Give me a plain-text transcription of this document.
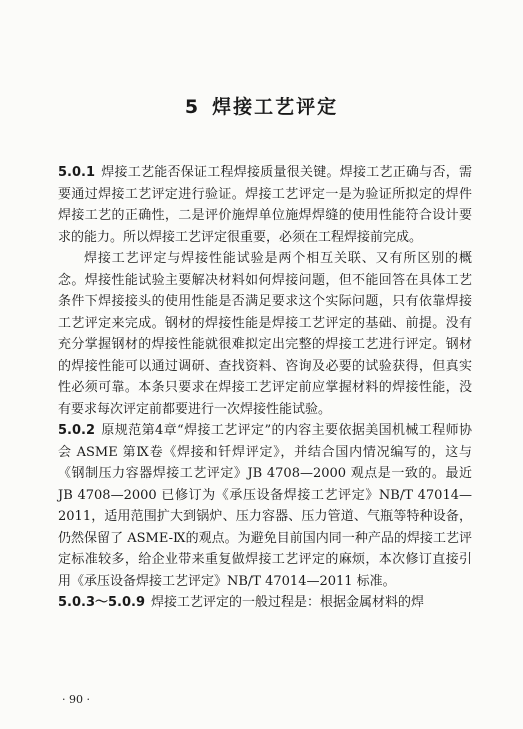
5 焊接工艺评定

5.0.1 焊接工艺能否保证工程焊接质量很关键。焊接工艺正确与否，需要通过焊接工艺评定进行验证。焊接工艺评定一是为验证所拟定的焊件焊接工艺的正确性，二是评价施焊单位施焊焊缝的使用性能符合设计要求的能力。所以焊接工艺评定很重要，必须在工程焊接前完成。

焊接工艺评定与焊接性能试验是两个相互关联、又有所区别的概念。焊接性能试验主要解决材料如何焊接问题，但不能回答在具体工艺条件下焊接接头的使用性能是否满足要求这个实际问题，只有依靠焊接工艺评定来完成。钢材的焊接性能是焊接工艺评定的基础、前提。没有充分掌握钢材的焊接性能就很难拟定出完整的焊接工艺进行评定。钢材的焊接性能可以通过调研、查找资料、咨询及必要的试验获得，但真实性必须可靠。本条只要求在焊接工艺评定前应掌握材料的焊接性能，没有要求每次评定前都要进行一次焊接性能试验。

5.0.2 原规范第4章“焊接工艺评定”的内容主要依据美国机械工程师协会 ASME 第Ⅸ卷《焊接和钎焊评定》，并结合国内情况编写的，这与《钢制压力容器焊接工艺评定》JB 4708—2000 观点是一致的。最近 JB 4708—2000 已修订为《承压设备焊接工艺评定》NB/T 47014—2011，适用范围扩大到锅炉、压力容器、压力管道、气瓶等特种设备，仍然保留了 ASME-Ⅸ的观点。为避免目前国内同一种产品的焊接工艺评定标准较多，给企业带来重复做焊接工艺评定的麻烦，本次修订直接引用《承压设备焊接工艺评定》NB/T 47014—2011 标准。

5.0.3～5.0.9 焊接工艺评定的一般过程是：根据金属材料的焊

· 90 ·
